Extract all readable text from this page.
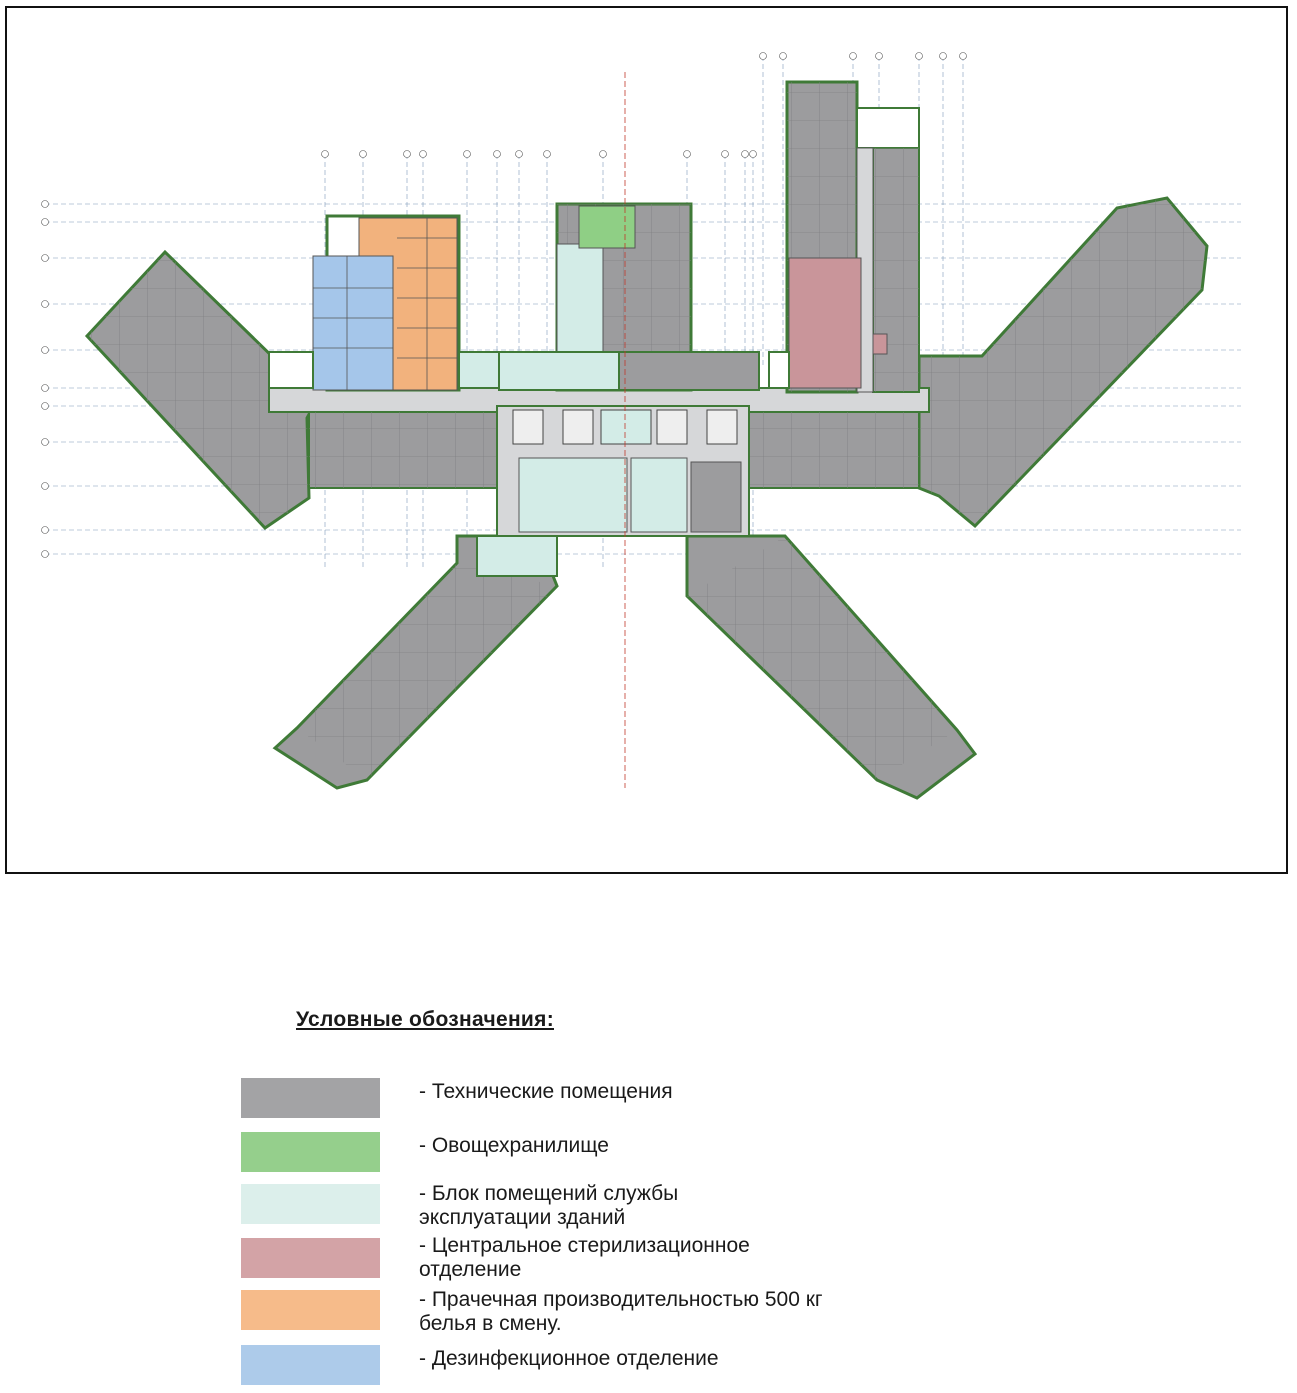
Условные обозначения:
- Технические помещения
- Овощехранилище
- Блок помещений службы
эксплуатации зданий
- Центральное стерилизационное
отделение
- Прачечная производительностью 500 кг
белья в смену.
- Дезинфекционное отделение
